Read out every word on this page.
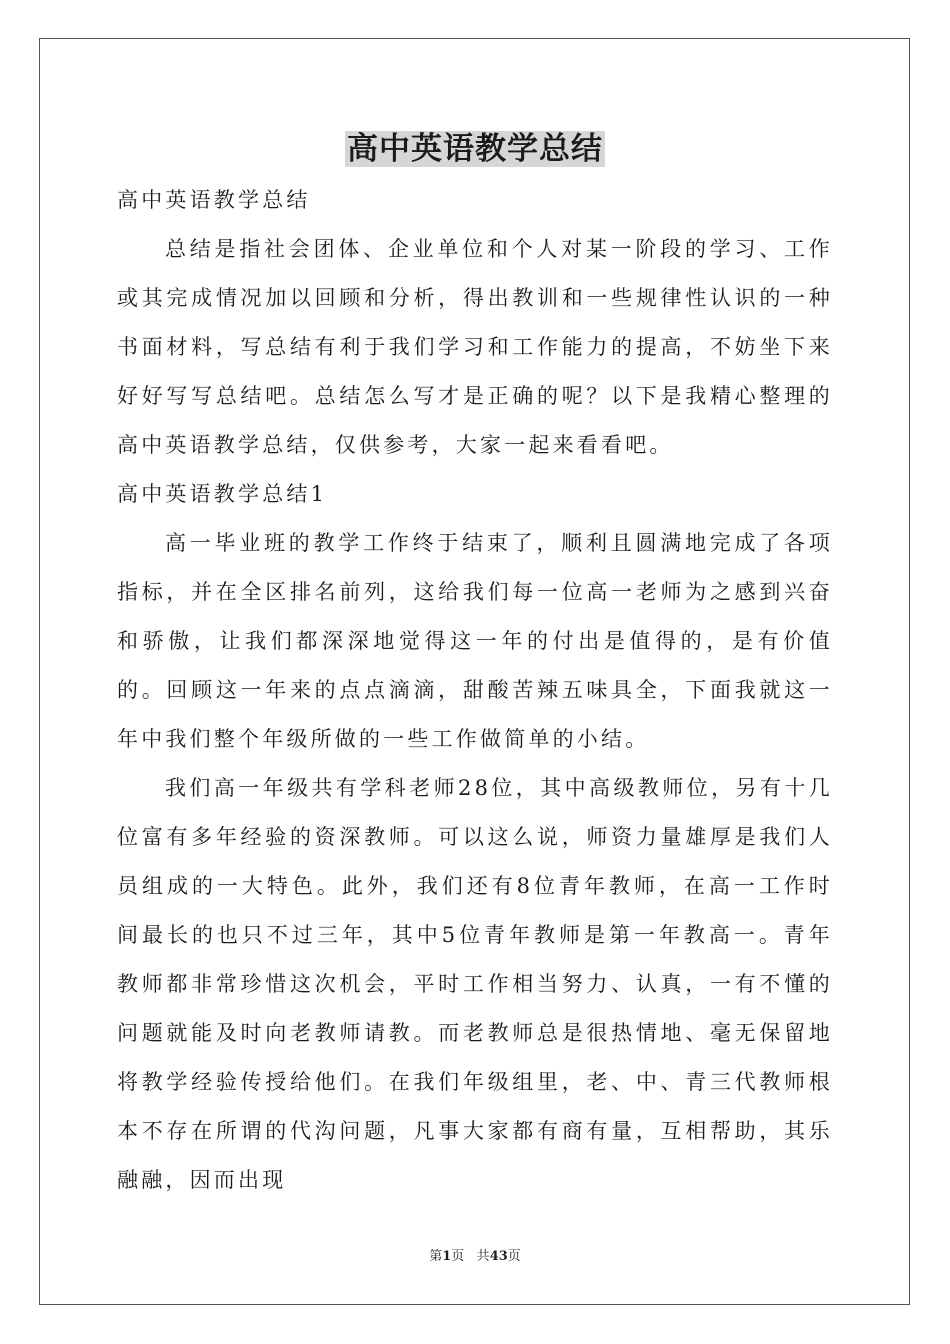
高中英语教学总结

高中英语教学总结

总结是指社会团体、企业单位和个人对某一阶段的学习、工作或其完成情况加以回顾和分析，得出教训和一些规律性认识的一种书面材料，写总结有利于我们学习和工作能力的提高，不妨坐下来好好写写总结吧。总结怎么写才是正确的呢？以下是我精心整理的高中英语教学总结，仅供参考，大家一起来看看吧。

高中英语教学总结1

高一毕业班的教学工作终于结束了，顺利且圆满地完成了各项指标，并在全区排名前列，这给我们每一位高一老师为之感到兴奋和骄傲，让我们都深深地觉得这一年的付出是值得的，是有价值的。回顾这一年来的点点滴滴，甜酸苦辣五味具全，下面我就这一年中我们整个年级所做的一些工作做简单的小结。

我们高一年级共有学科老师28位，其中高级教师位，另有十几位富有多年经验的资深教师。可以这么说，师资力量雄厚是我们人员组成的一大特色。此外，我们还有8位青年教师，在高一工作时间最长的也只不过三年，其中5位青年教师是第一年教高一。青年教师都非常珍惜这次机会，平时工作相当努力、认真，一有不懂的问题就能及时向老教师请教。而老教师总是很热情地、毫无保留地将教学经验传授给他们。在我们年级组里，老、中、青三代教师根本不存在所谓的代沟问题，凡事大家都有商有量，互相帮助，其乐融融，因而出现

第1页 共43页
